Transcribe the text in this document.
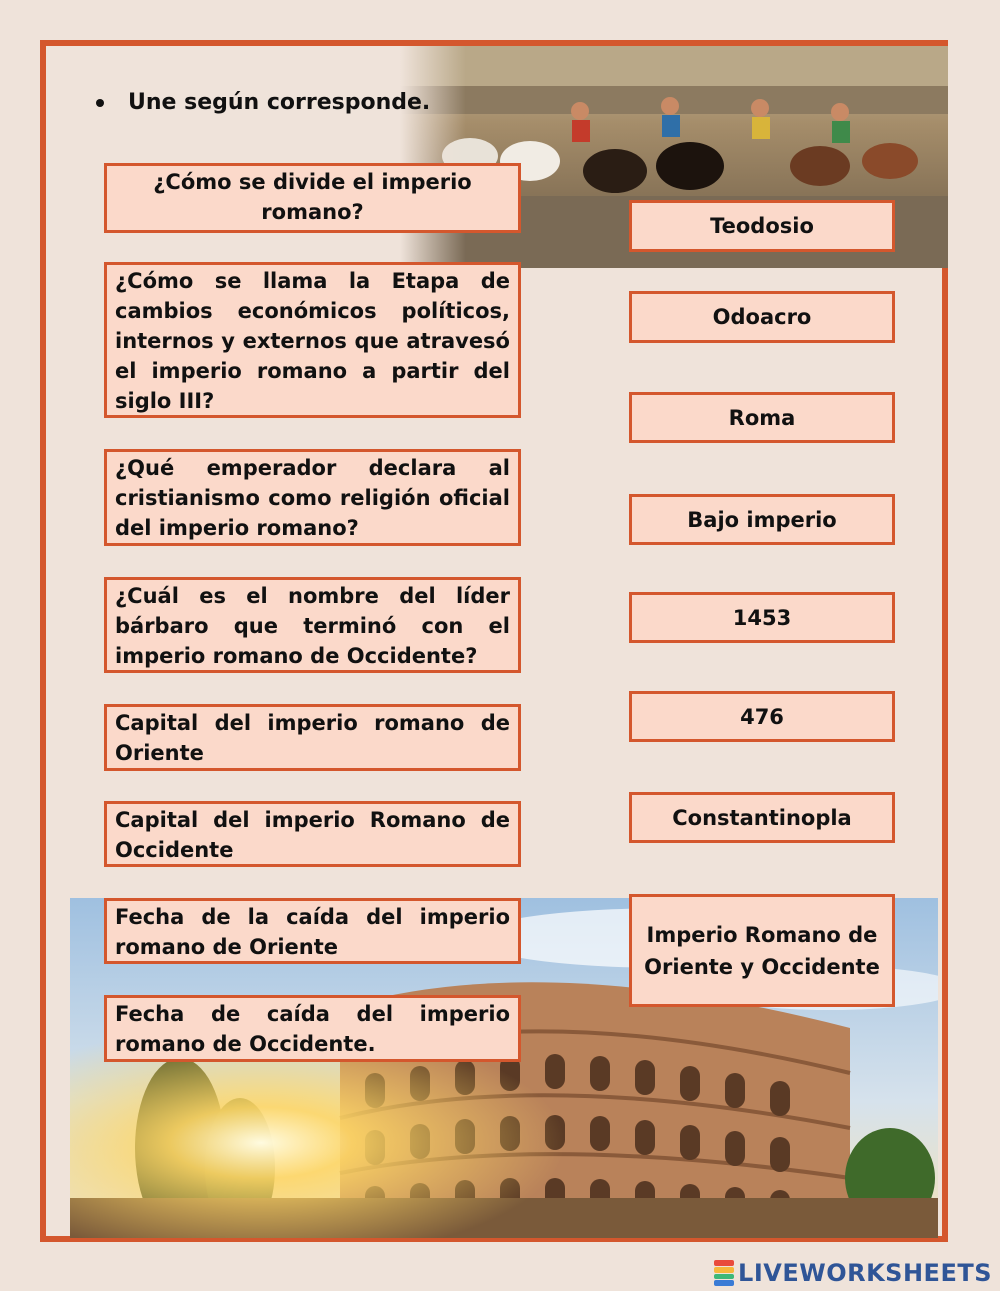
Une según corresponde.
¿Cómo se divide el imperio romano?
¿Cómo se llama la Etapa de cambios económicos políticos, internos y externos que atravesó el imperio romano a partir del siglo III?
¿Qué emperador declara al cristianismo como religión oficial del imperio romano?
¿Cuál es el nombre del líder bárbaro que terminó con el imperio romano de Occidente?
Capital del imperio romano de Oriente
Capital del imperio Romano de Occidente
Fecha de la caída del imperio romano de Oriente
Fecha de caída del imperio romano de Occidente.
Teodosio
Odoacro
Roma
Bajo imperio
1453
476
Constantinopla
Imperio Romano de Oriente y Occidente
LIVEWORKSHEETS
